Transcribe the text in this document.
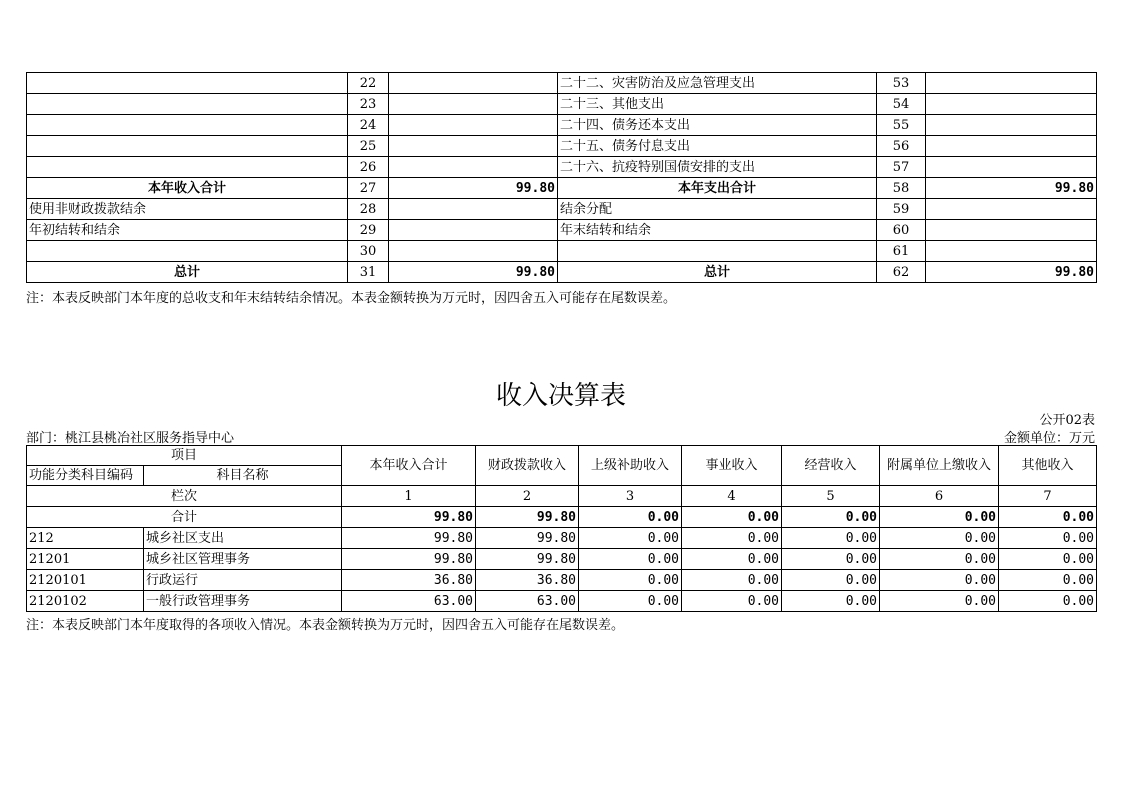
	22		二十二、灾害防治及应急管理支出	53	
	23		二十三、其他支出	54	
	24		二十四、债务还本支出	55	
	25		二十五、债务付息支出	56	
	26		二十六、抗疫特别国债安排的支出	57	
本年收入合计	27	99.80	本年支出合计	58	99.80
使用非财政拨款结余	28		结余分配	59	
年初结转和结余	29		年末结转和结余	60	
	30			61	
总计	31	99.80	总计	62	99.80
注：本表反映部门本年度的总收支和年末结转结余情况。本表金额转换为万元时，因四舍五入可能存在尾数误差。
收入决算表
公开02表
部门：桃江县桃冶社区服务指导中心	金额单位：万元
项目		本年收入合计	财政拨款收入	上级补助收入	事业收入	经营收入	附属单位上缴收入	其他收入
功能分类科目编码	科目名称							
栏次		1	2	3	4	5	6	7
合计		99.80	99.80	0.00	0.00	0.00	0.00	0.00
212	城乡社区支出	99.80	99.80	0.00	0.00	0.00	0.00	0.00
21201	城乡社区管理事务	99.80	99.80	0.00	0.00	0.00	0.00	0.00
2120101	行政运行	36.80	36.80	0.00	0.00	0.00	0.00	0.00
2120102	一般行政管理事务	63.00	63.00	0.00	0.00	0.00	0.00	0.00
注：本表反映部门本年度取得的各项收入情况。本表金额转换为万元时，因四舍五入可能存在尾数误差。
